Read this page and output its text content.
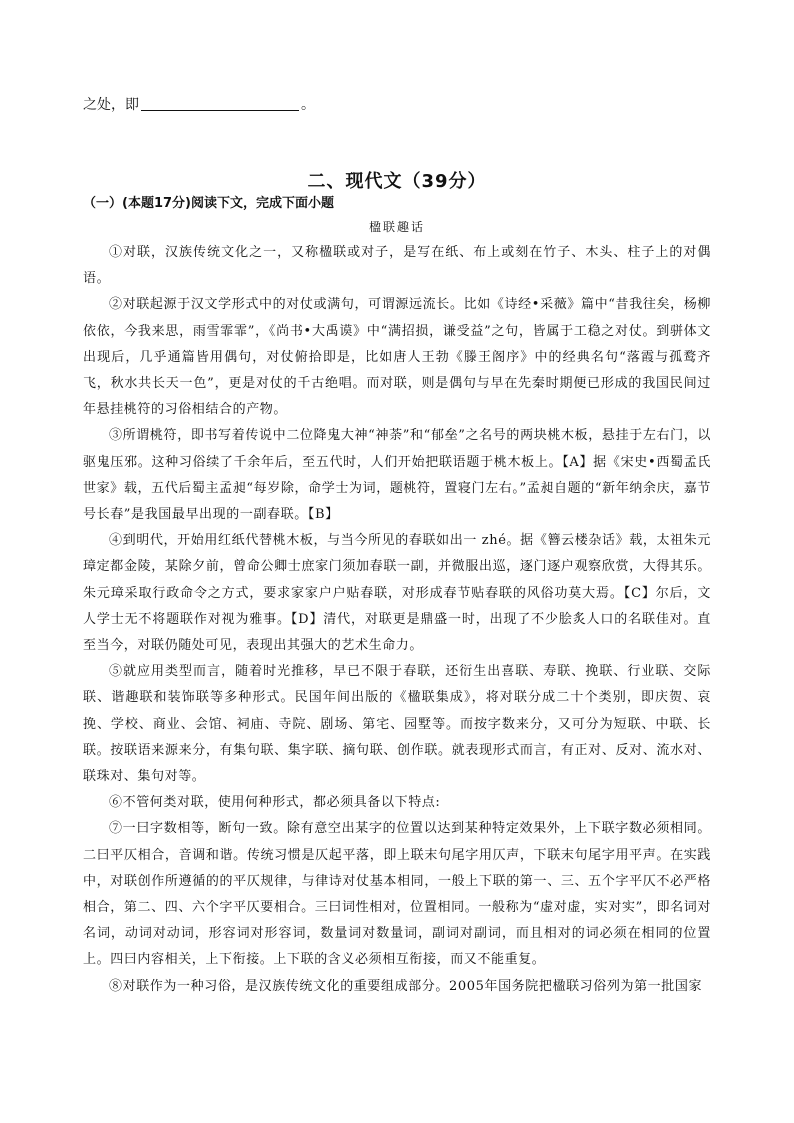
之处，即	。
二、现代文（39分）
（一）(本题17分)阅读下文，完成下面小题
楹联趣话

①对联，汉族传统文化之一，又称楹联或对子，是写在纸、布上或刻在竹子、木头、柱子上的对偶语。

②对联起源于汉文学形式中的对仗或满句，可谓源远流长。比如《诗经•采薇》篇中“昔我往矣，杨柳依依，今我来思，雨雪霏霏”，《尚书•大禹谟》中“满招损，谦受益”之句，皆属于工稳之对仗。到骈体文出现后，几乎通篇皆用偶句，对仗俯拾即是，比如唐人王勃《滕王阁序》中的经典名句“落霞与孤鹜齐飞，秋水共长天一色”，更是对仗的千古绝唱。而对联，则是偶句与早在先秦时期便已形成的我国民间过年悬挂桃符的习俗相结合的产物。

③所谓桃符，即书写着传说中二位降鬼大神“神荼”和“郁垒”之名号的两块桃木板，悬挂于左右门，以驱鬼压邪。这种习俗续了千余年后，至五代时，人们开始把联语题于桃木板上。【A】据《宋史•西蜀孟氏世家》载，五代后蜀主孟昶“每岁除，命学士为词，题桃符，置寝门左右。”孟昶自题的“新年纳余庆，嘉节号长春”是我国最早出现的一副春联。【B】

④到明代，开始用红纸代替桃木板，与当今所见的春联如出一 zhé。据《簪云楼杂话》载，太祖朱元璋定都金陵，某除夕前，曾命公卿士庶家门须加春联一副，并微服出巡，逐门逐户观察欣赏，大得其乐。朱元璋采取行政命令之方式，要求家家户户贴春联，对形成春节贴春联的风俗功莫大焉。【C】尔后，文人学士无不将题联作对视为雅事。【D】清代，对联更是鼎盛一时，出现了不少脍炙人口的名联佳对。直至当今，对联仍随处可见，表现出其强大的艺术生命力。

⑤就应用类型而言，随着时光推移，早已不限于春联，还衍生出喜联、寿联、挽联、行业联、交际联、谐趣联和装饰联等多种形式。民国年间出版的《楹联集成》，将对联分成二十个类别，即庆贺、哀挽、学校、商业、会馆、祠庙、寺院、剧场、第宅、园墅等。而按字数来分，又可分为短联、中联、长联。按联语来源来分，有集句联、集字联、摘句联、创作联。就表现形式而言，有正对、反对、流水对、联珠对、集句对等。

⑥不管何类对联，使用何种形式，都必须具备以下特点:

⑦一曰字数相等，断句一致。除有意空出某字的位置以达到某种特定效果外，上下联字数必须相同。二曰平仄相合，音调和谐。传统习惯是仄起平落，即上联末句尾字用仄声，下联末句尾字用平声。在实践中，对联创作所遵循的的平仄规律，与律诗对仗基本相同，一般上下联的第一、三、五个字平仄不必严格相合，第二、四、六个字平仄要相合。三曰词性相对，位置相同。一般称为“虚对虚，实对实”，即名词对名词，动词对动词，形容词对形容词，数量词对数量词，副词对副词，而且相对的词必须在相同的位置上。四曰内容相关，上下衔接。上下联的含义必须相互衔接，而又不能重复。

⑧对联作为一种习俗，是汉族传统文化的重要组成部分。2005年国务院把楹联习俗列为第一批国家
